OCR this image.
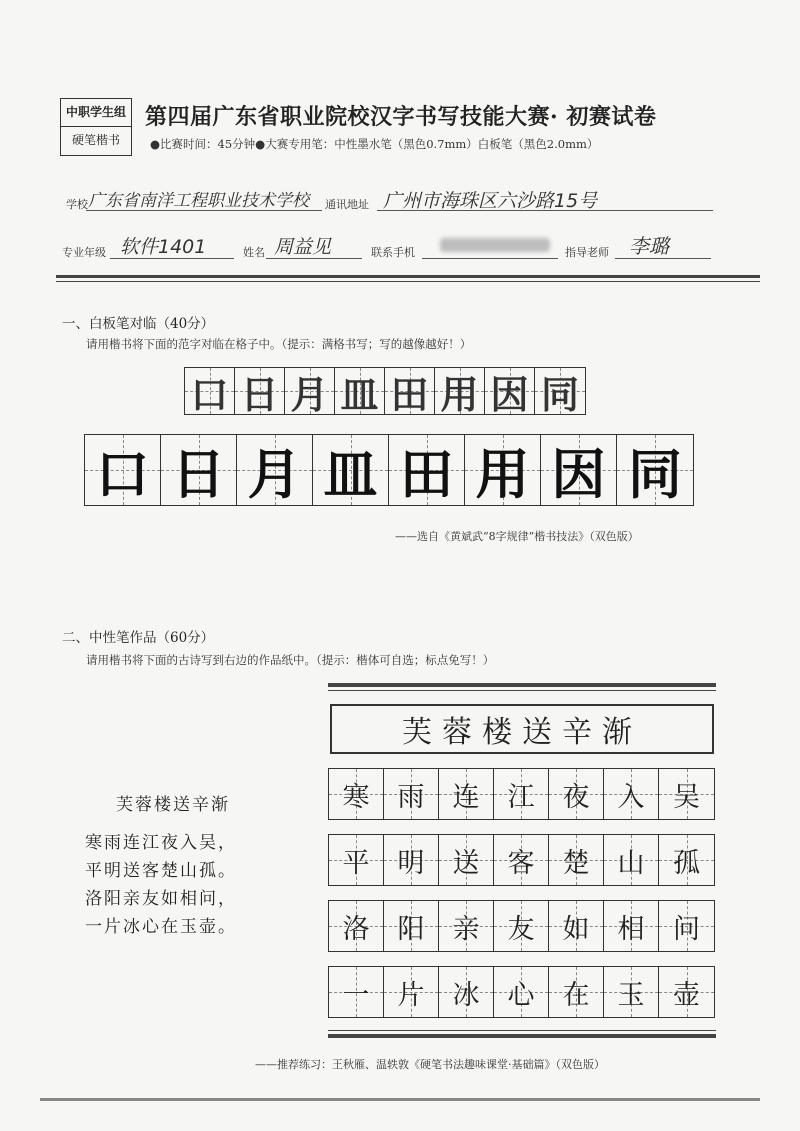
中职学生组
硬笔楷书
第四届广东省职业院校汉字书写技能大赛· 初赛试卷
●比赛时间：45分钟●大赛专用笔：中性墨水笔（黑色0.7mm）白板笔（黑色2.0mm）
学校 广东省南洋工程职业技术学校 通讯地址 广州市海珠区六沙路15号
专业年级 软件1401	姓名 周益见	联系手机	指导老师 李璐
一、白板笔对临（40分）
请用楷书将下面的范字对临在格子中。（提示：满格书写；写的越像越好！）
口 日 月 皿 田 用 因 同
口 日 月 皿 田 用 因 同
——选自《黄斌武“8字规律”楷书技法》（双色版）
二、中性笔作品（60分）
请用楷书将下面的古诗写到右边的作品纸中。（提示：楷体可自选；标点免写！）
芙蓉楼送辛渐
寒雨连江夜入吴，
平明送客楚山孤。
洛阳亲友如相问，
一片冰心在玉壶。
芙蓉楼送辛渐
寒 雨 连 江 夜 入 吴
平 明 送 客 楚 山 孤
洛 阳 亲 友 如 相 问
一 片 冰 心 在 玉 壶
——推荐练习：王秋雁、温轶敦《硬笔书法趣味课堂·基础篇》（双色版）
